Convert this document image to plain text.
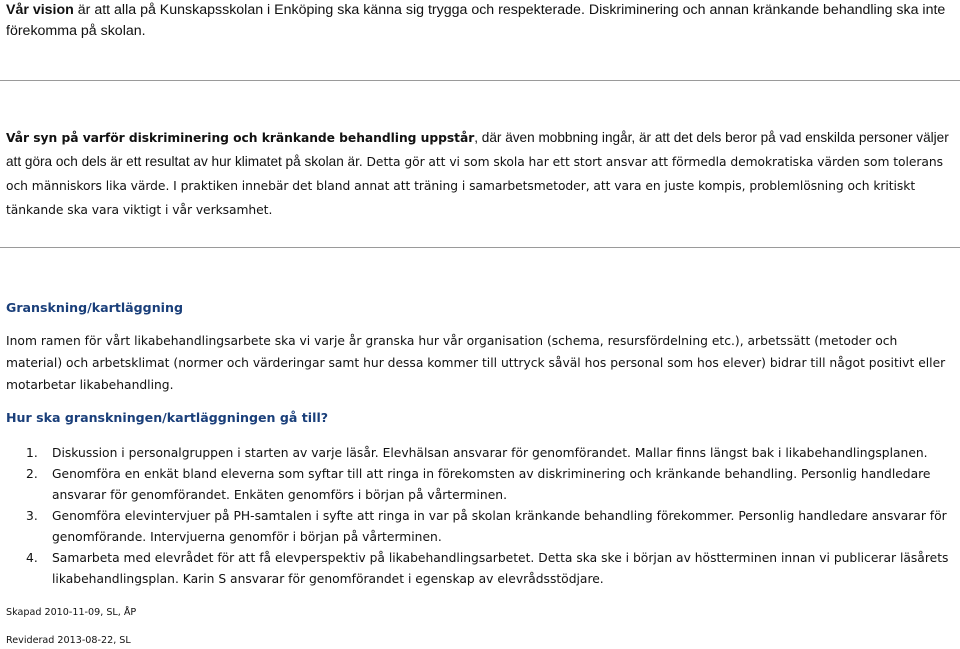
Vår vision är att alla på Kunskapsskolan i Enköping ska känna sig trygga och respekterade. Diskriminering och annan kränkande behandling ska inte förekomma på skolan.

Vår syn på varför diskriminering och kränkande behandling uppstår, där även mobbning ingår, är att det dels beror på vad enskilda personer väljer att göra och dels är ett resultat av hur klimatet på skolan är. Detta gör att vi som skola har ett stort ansvar att förmedla demokratiska värden som tolerans och människors lika värde. I praktiken innebär det bland annat att träning i samarbetsmetoder, att vara en juste kompis, problemlösning och kritiskt tänkande ska vara viktigt i vår verksamhet.

Granskning/kartläggning

Inom ramen för vårt likabehandlingsarbete ska vi varje år granska hur vår organisation (schema, resursfördelning etc.), arbetssätt (metoder och material) och arbetsklimat (normer och värderingar samt hur dessa kommer till uttryck såväl hos personal som hos elever) bidrar till något positivt eller motarbetar likabehandling.

Hur ska granskningen/kartläggningen gå till?
1. Diskussion i personalgruppen i starten av varje läsår. Elevhälsan ansvarar för genomförandet. Mallar finns längst bak i likabehandlingsplanen.
2. Genomföra en enkät bland eleverna som syftar till att ringa in förekomsten av diskriminering och kränkande behandling. Personlig handledare ansvarar för genomförandet. Enkäten genomförs i början på vårterminen.
3. Genomföra elevintervjuer på PH-samtalen i syfte att ringa in var på skolan kränkande behandling förekommer. Personlig handledare ansvarar för genomförande. Intervjuerna genomför i början på vårterminen.
4. Samarbeta med elevrådet för att få elevperspektiv på likabehandlingsarbetet. Detta ska ske i början av höstterminen innan vi publicerar läsårets likabehandlingsplan. Karin S ansvarar för genomförandet i egenskap av elevrådsstödjare.
Skapad 2010-11-09, SL, ÅP
Reviderad 2013-08-22, SL
